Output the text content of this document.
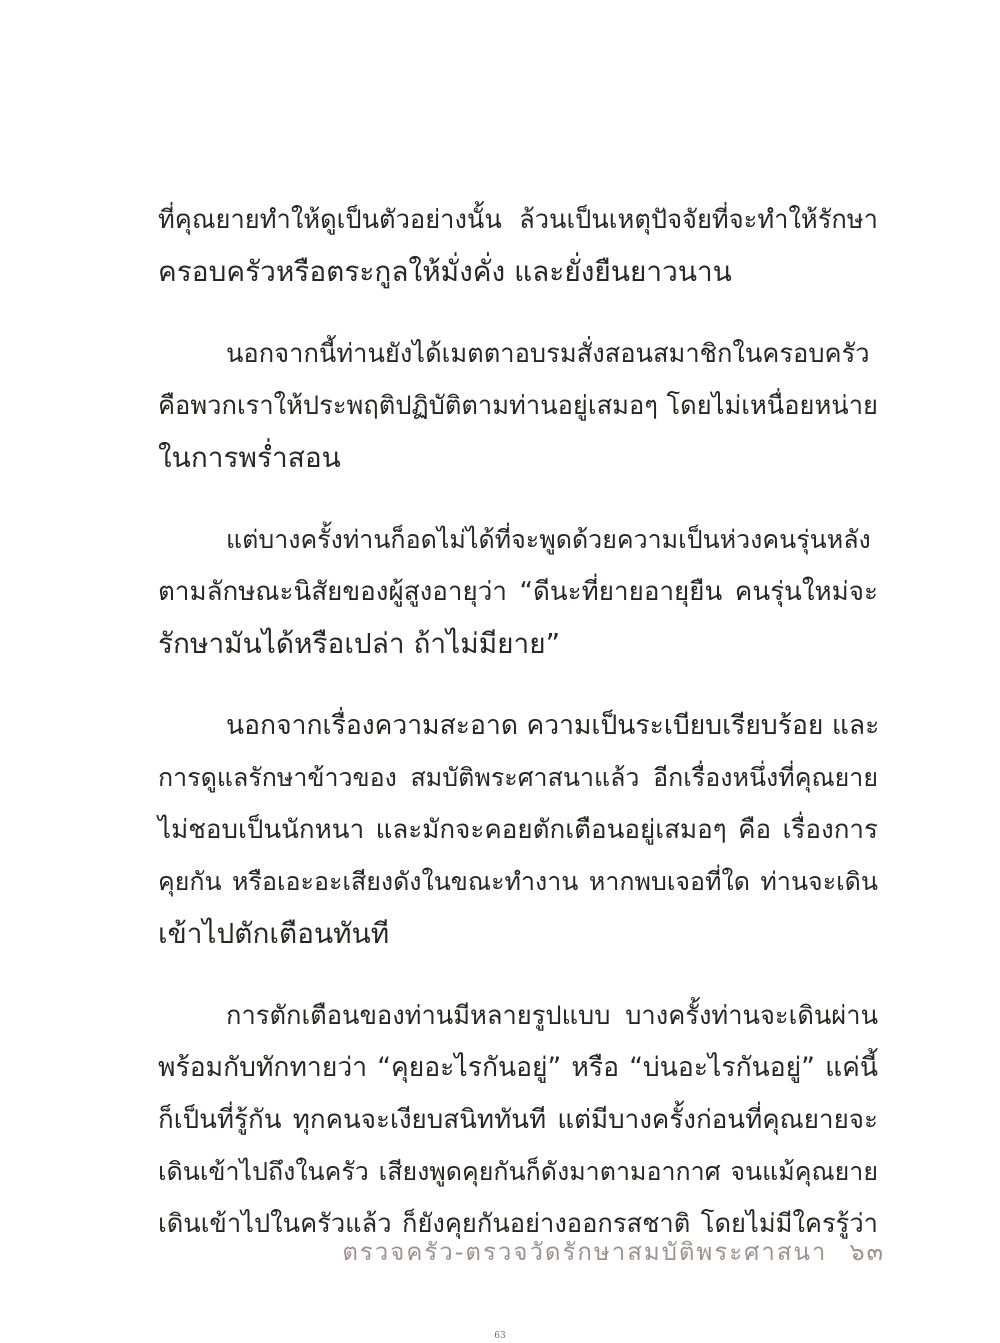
ที่คุณยายทำให้ดูเป็นตัวอย่างนั้น ล้วนเป็นเหตุปัจจัยที่จะทำให้รักษา
ครอบครัวหรือตระกูลให้มั่งคั่ง และยั่งยืนยาวนาน

นอกจากนี้ท่านยังได้เมตตาอบรมสั่งสอนสมาชิกในครอบครัว
คือพวกเราให้ประพฤติปฏิบัติตามท่านอยู่เสมอๆ โดยไม่เหนื่อยหน่าย
ในการพร่ำสอน

แต่บางครั้งท่านก็อดไม่ได้ที่จะพูดด้วยความเป็นห่วงคนรุ่นหลัง
ตามลักษณะนิสัยของผู้สูงอายุว่า “ดีนะที่ยายอายุยืน คนรุ่นใหม่จะ
รักษามันได้หรือเปล่า ถ้าไม่มียาย”

นอกจากเรื่องความสะอาด ความเป็นระเบียบเรียบร้อย และ
การดูแลรักษาข้าวของ สมบัติพระศาสนาแล้ว อีกเรื่องหนึ่งที่คุณยาย
ไม่ชอบเป็นนักหนา และมักจะคอยตักเตือนอยู่เสมอๆ คือ เรื่องการ
คุยกัน หรือเอะอะเสียงดังในขณะทำงาน หากพบเจอที่ใด ท่านจะเดิน
เข้าไปตักเตือนทันที

การตักเตือนของท่านมีหลายรูปแบบ บางครั้งท่านจะเดินผ่าน
พร้อมกับทักทายว่า “คุยอะไรกันอยู่” หรือ “บ่นอะไรกันอยู่” แค่นี้
ก็เป็นที่รู้กัน ทุกคนจะเงียบสนิททันที แต่มีบางครั้งก่อนที่คุณยายจะ
เดินเข้าไปถึงในครัว เสียงพูดคุยกันก็ดังมาตามอากาศ จนแม้คุณยาย
เดินเข้าไปในครัวแล้ว ก็ยังคุยกันอย่างออกรสชาติ โดยไม่มีใครรู้ว่า

ตรวจครัว-ตรวจวัดรักษาสมบัติพระศาสนา ๖๓
63
